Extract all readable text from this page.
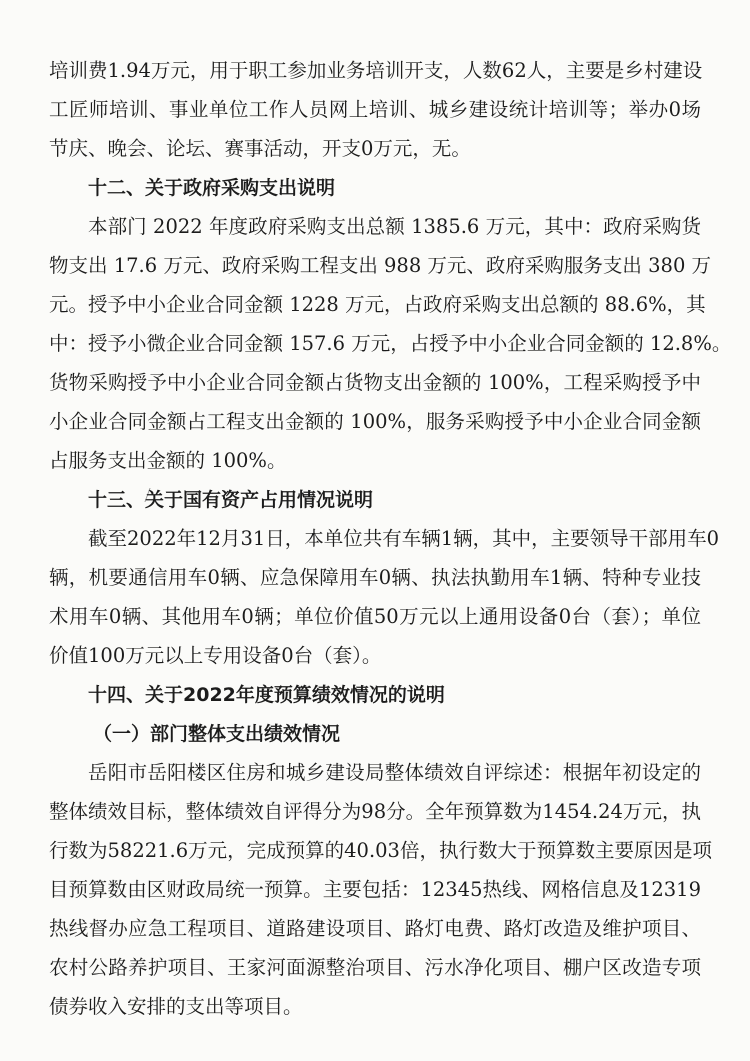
培训费1.94万元，用于职工参加业务培训开支，人数62人，主要是乡村建设
工匠师培训、事业单位工作人员网上培训、城乡建设统计培训等；举办0场
节庆、晚会、论坛、赛事活动，开支0万元，无。
十二、关于政府采购支出说明
本部门 2022 年度政府采购支出总额 1385.6 万元，其中：政府采购货
物支出 17.6 万元、政府采购工程支出 988 万元、政府采购服务支出 380 万
元。授予中小企业合同金额 1228 万元，占政府采购支出总额的 88.6%，其
中：授予小微企业合同金额 157.6 万元，占授予中小企业合同金额的 12.8%。
货物采购授予中小企业合同金额占货物支出金额的 100%，工程采购授予中
小企业合同金额占工程支出金额的 100%，服务采购授予中小企业合同金额
占服务支出金额的 100%。
十三、关于国有资产占用情况说明
截至2022年12月31日，本单位共有车辆1辆，其中，主要领导干部用车0
辆，机要通信用车0辆、应急保障用车0辆、执法执勤用车1辆、特种专业技
术用车0辆、其他用车0辆；单位价值50万元以上通用设备0台（套）；单位
价值100万元以上专用设备0台（套）。
十四、关于2022年度预算绩效情况的说明
（一）部门整体支出绩效情况
岳阳市岳阳楼区住房和城乡建设局整体绩效自评综述：根据年初设定的
整体绩效目标，整体绩效自评得分为98分。全年预算数为1454.24万元，执
行数为58221.6万元，完成预算的40.03倍，执行数大于预算数主要原因是项
目预算数由区财政局统一预算。主要包括：12345热线、网格信息及12319
热线督办应急工程项目、道路建设项目、路灯电费、路灯改造及维护项目、
农村公路养护项目、王家河面源整治项目、污水净化项目、棚户区改造专项
债券收入安排的支出等项目。
